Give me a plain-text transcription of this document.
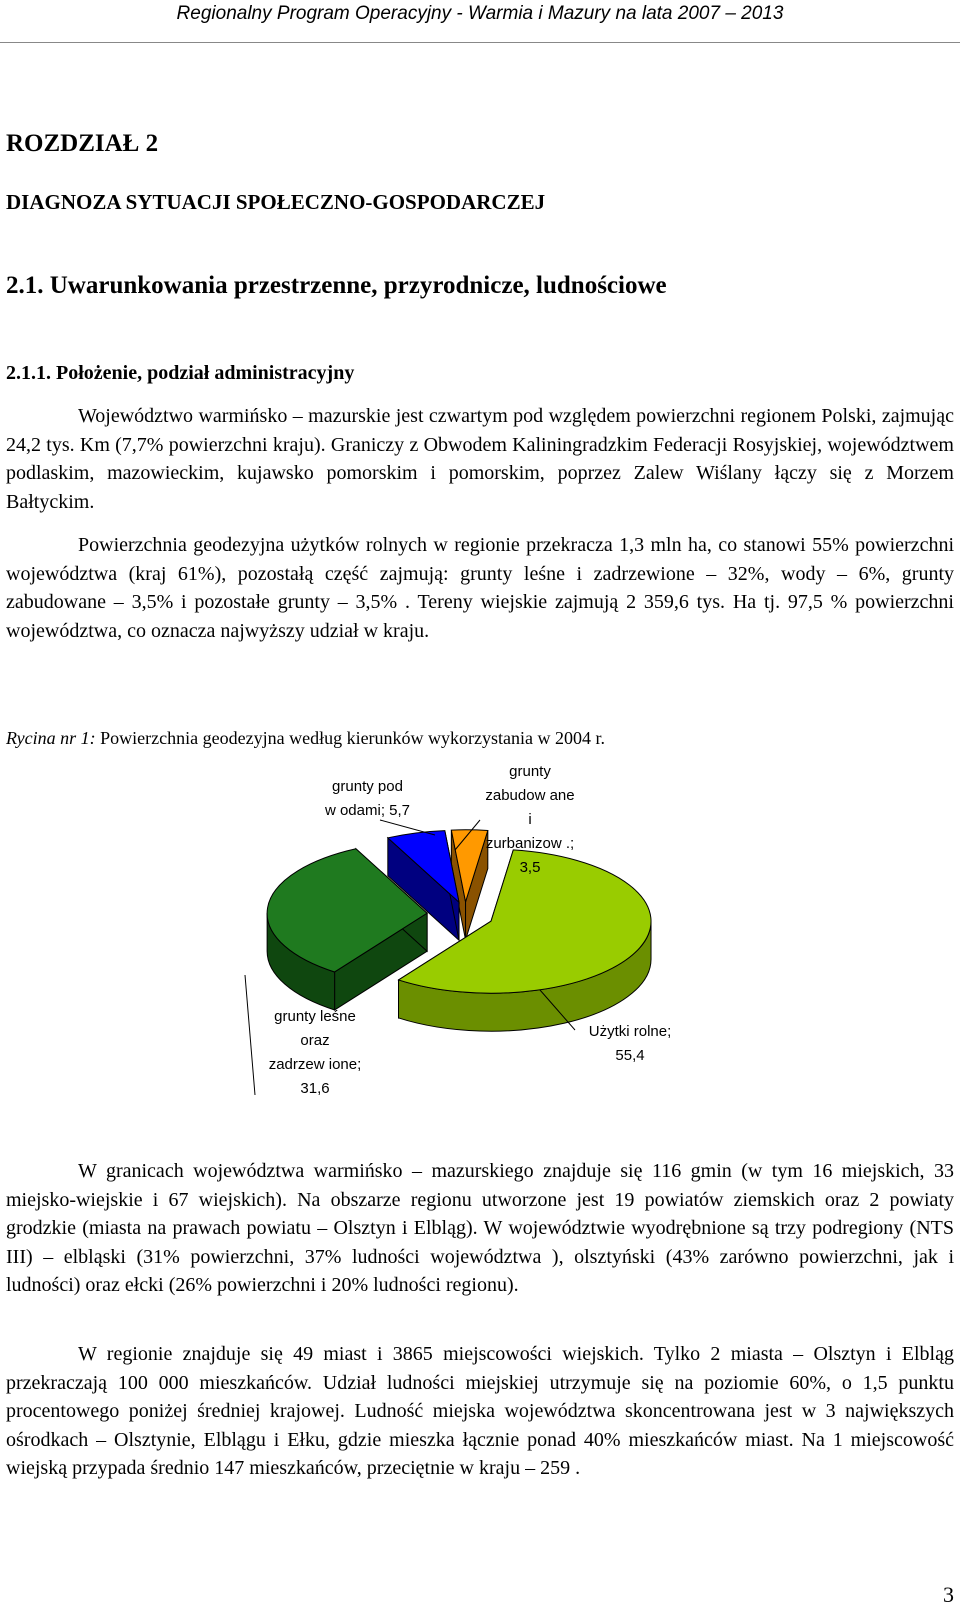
Regionalny Program Operacyjny - Warmia i Mazury na lata 2007 – 2013
ROZDZIAŁ 2
DIAGNOZA SYTUACJI SPOŁECZNO-GOSPODARCZEJ
2.1. Uwarunkowania przestrzenne, przyrodnicze, ludnościowe
2.1.1. Położenie, podział administracyjny

Województwo warmińsko – mazurskie jest czwartym pod względem powierzchni regionem Polski, zajmując 24,2 tys. Km (7,7% powierzchni kraju). Graniczy z Obwodem Kaliningradzkim Federacji Rosyjskiej, województwem podlaskim, mazowieckim, kujawsko pomorskim i pomorskim, poprzez Zalew Wiślany łączy się z Morzem Bałtyckim.

Powierzchnia geodezyjna użytków rolnych w regionie przekracza 1,3 mln ha, co stanowi 55% powierzchni województwa (kraj 61%), pozostałą część zajmują: grunty leśne i zadrzewione – 32%, wody – 6%, grunty zabudowane – 3,5% i pozostałe grunty – 3,5% . Tereny wiejskie zajmują 2 359,6 tys. Ha tj. 97,5 % powierzchni województwa, co oznacza najwyższy udział w kraju.

Rycina nr 1: Powierzchnia geodezyjna według kierunków wykorzystania w 2004 r.
Użytki rolne;
55,4
grunty leśne
oraz
zadrzew ione;
31,6
grunty pod
w odami; 5,7
grunty
zabudow ane
i
zurbanizow .;
3,5

W granicach województwa warmińsko – mazurskiego znajduje się 116 gmin (w tym 16 miejskich, 33 miejsko-wiejskie i 67 wiejskich). Na obszarze regionu utworzone jest 19 powiatów ziemskich oraz 2 powiaty grodzkie (miasta na prawach powiatu – Olsztyn i Elbląg). W województwie wyodrębnione są trzy podregiony (NTS III) – elbląski (31% powierzchni, 37% ludności województwa ), olsztyński (43% zarówno powierzchni, jak i ludności) oraz ełcki (26% powierzchni i 20% ludności regionu).

W regionie znajduje się 49 miast i 3865 miejscowości wiejskich. Tylko 2 miasta – Olsztyn i Elbląg przekraczają 100 000 mieszkańców. Udział ludności miejskiej utrzymuje się na poziomie 60%, o 1,5 punktu procentowego poniżej średniej krajowej. Ludność miejska województwa skoncentrowana jest w 3 największych ośrodkach – Olsztynie, Elblągu i Ełku, gdzie mieszka łącznie ponad 40% mieszkańców miast. Na 1 miejscowość wiejską przypada średnio 147 mieszkańców, przeciętnie w kraju – 259 .

3
